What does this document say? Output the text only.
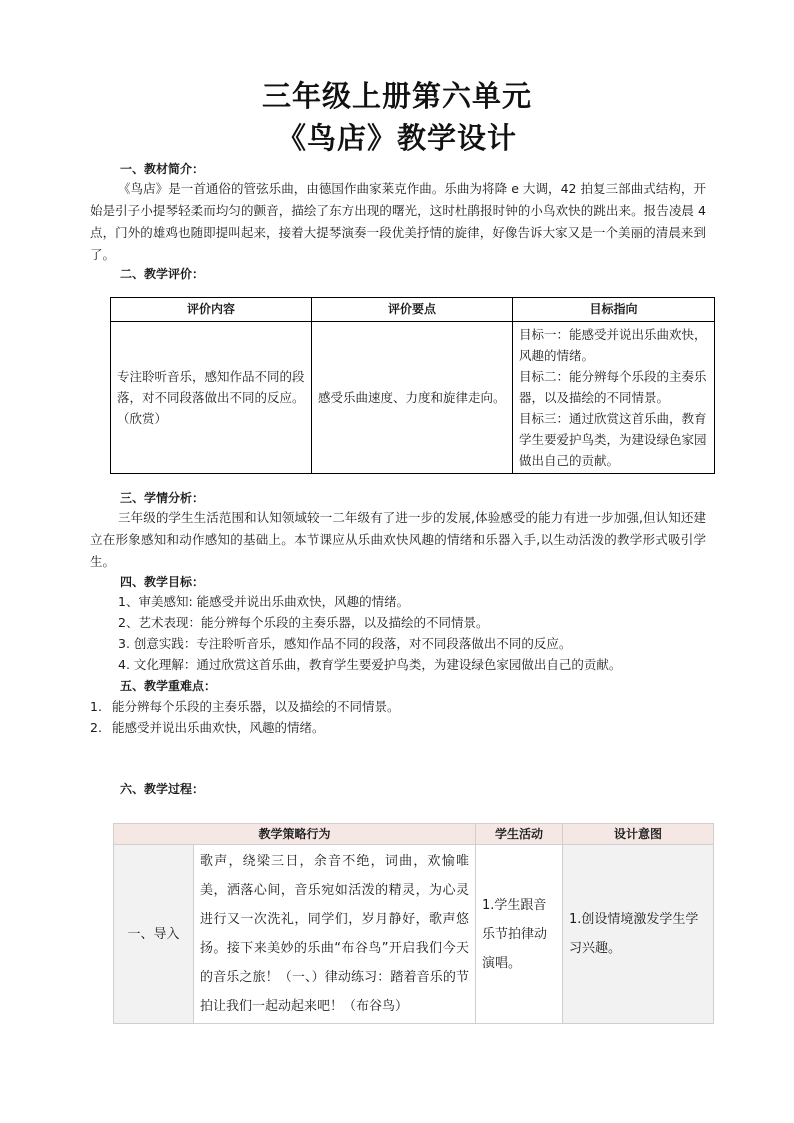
三年级上册第六单元
《鸟店》教学设计
一、教材简介：
《鸟店》是一首通俗的管弦乐曲，由德国作曲家莱克作曲。乐曲为将降 e 大调，42 拍复三部曲式结构，开始是引子小提琴轻柔而均匀的颤音，描绘了东方出现的曙光，这时杜鹃报时钟的小鸟欢快的跳出来。报告凌晨 4 点，门外的雄鸡也随即提叫起来，接着大提琴演奏一段优美抒情的旋律，好像告诉大家又是一个美丽的清晨来到了。
二、教学评价：
评价内容	评价要点	目标指向
专注聆听音乐，感知作品不同的段落，对不同段落做出不同的反应。（欣赏）	感受乐曲速度、力度和旋律走向。	目标一：能感受并说出乐曲欢快，风趣的情绪。
目标二：能分辨每个乐段的主奏乐器，以及描绘的不同情景。
目标三：通过欣赏这首乐曲，教育学生要爱护鸟类，为建设绿色家园做出自己的贡献。
三、学情分析：
三年级的学生生活范围和认知领域较一二年级有了进一步的发展,体验感受的能力有进一步加强,但认知还建立在形象感知和动作感知的基础上。本节课应从乐曲欢快风趣的情绪和乐器入手,以生动活泼的教学形式吸引学生。
四、教学目标：
1、审美感知: 能感受并说出乐曲欢快，风趣的情绪。
2、艺术表现：能分辨每个乐段的主奏乐器，以及描绘的不同情景。
3. 创意实践：专注聆听音乐，感知作品不同的段落，对不同段落做出不同的反应。
4. 文化理解：通过欣赏这首乐曲，教育学生要爱护鸟类，为建设绿色家园做出自己的贡献。
五、教学重难点：
1. 能分辨每个乐段的主奏乐器，以及描绘的不同情景。
2. 能感受并说出乐曲欢快，风趣的情绪。
六、教学过程：
教学策略行为		学生活动	设计意图
一、导入	歌声，绕梁三日，余音不绝，词曲，欢愉唯美，洒落心间，音乐宛如活泼的精灵，为心灵进行又一次洗礼，同学们，岁月静好，歌声悠扬。接下来美妙的乐曲“布谷鸟”开启我们今天的音乐之旅！（一、）律动练习：踏着音乐的节拍让我们一起动起来吧！（布谷鸟）	1.学生跟音乐节拍律动演唱。	1.创设情境激发学生学习兴趣。
